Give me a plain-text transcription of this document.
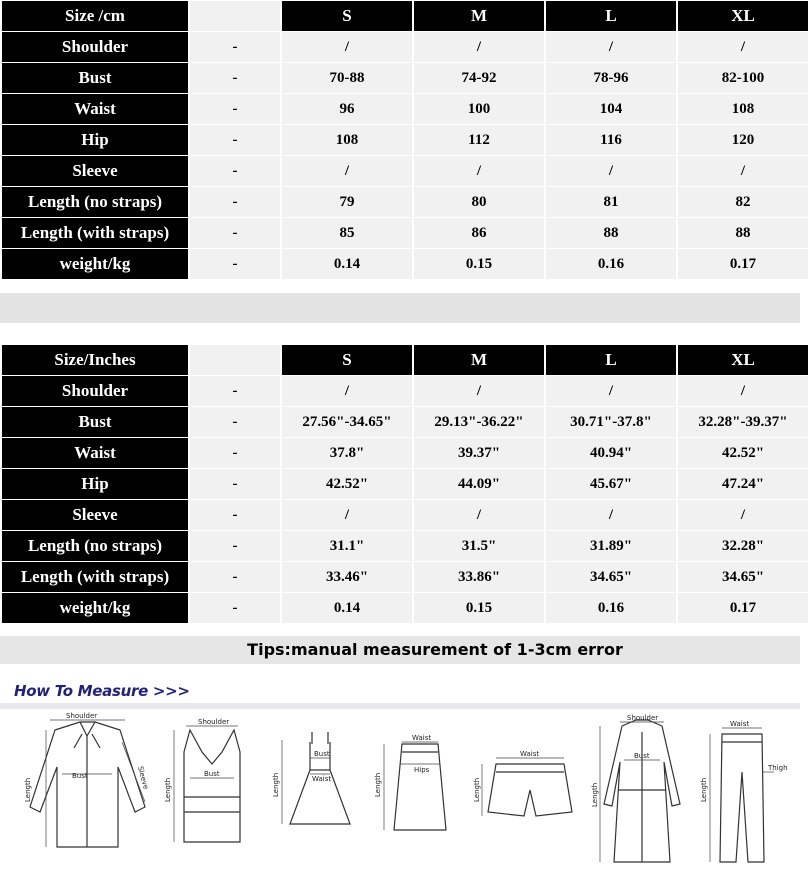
Size /cm		S	M	L	XL
Shoulder	-	/	/	/	/
Bust	-	70-88	74-92	78-96	82-100
Waist	-	96	100	104	108
Hip	-	108	112	116	120
Sleeve	-	/	/	/	/
Length (no straps)	-	79	80	81	82
Length (with straps)	-	85	86	88	88
weight/kg	-	0.14	0.15	0.16	0.17
Size/Inches		S	M	L	XL
Shoulder	-	/	/	/	/
Bust	-	27.56"-34.65"	29.13"-36.22"	30.71"-37.8"	32.28"-39.37"
Waist	-	37.8"	39.37"	40.94"	42.52"
Hip	-	42.52"	44.09"	45.67"	47.24"
Sleeve	-	/	/	/	/
Length (no straps)	-	31.1"	31.5"	31.89"	32.28"
Length (with straps)	-	33.46"	33.86"	34.65"	34.65"
weight/kg	-	0.14	0.15	0.16	0.17
Tips:manual measurement of 1-3cm error
How To Measure >>>
Shoulder
Bust
Length	Sleeve
Shoulder
Bust
Length
Bust
Waist
Length
Waist
Hips
Length
Waist
Length
Shoulder
Bust
Length
Waist
Thigh
Length
